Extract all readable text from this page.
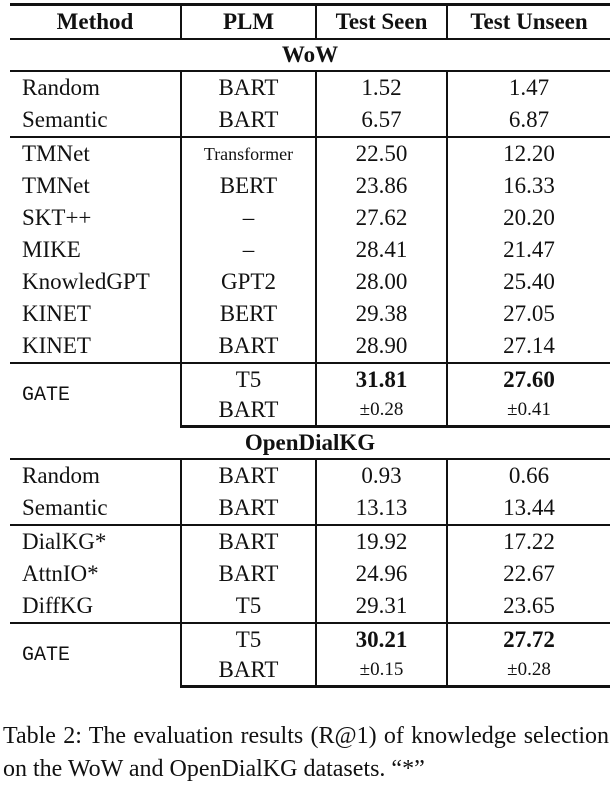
Method	PLM	Test Seen	Test Unseen
WoW			
Random	BART	1.52	1.47
Semantic	BART	6.57	6.87
TMNet	Transformer	22.50	12.20
TMNet	BERT	23.86	16.33
SKT++	–	27.62	20.20
MIKE	–	28.41	21.47
KnowledGPT	GPT2	28.00	25.40
KINET	BERT	29.38	27.05
KINET	BART	28.90	27.14
GATE	T5	31.81	27.60
	BART	±0.28	±0.41
OpenDialKG			
Random	BART	0.93	0.66
Semantic	BART	13.13	13.44
DialKG*	BART	19.92	17.22
AttnIO*	BART	24.96	22.67
DiffKG	T5	29.31	23.65
GATE	T5	30.21	27.72
	BART	±0.15	±0.28
Table 2: The evaluation results (R@1) of knowledge selection on the WoW and OpenDialKG datasets. “*”
